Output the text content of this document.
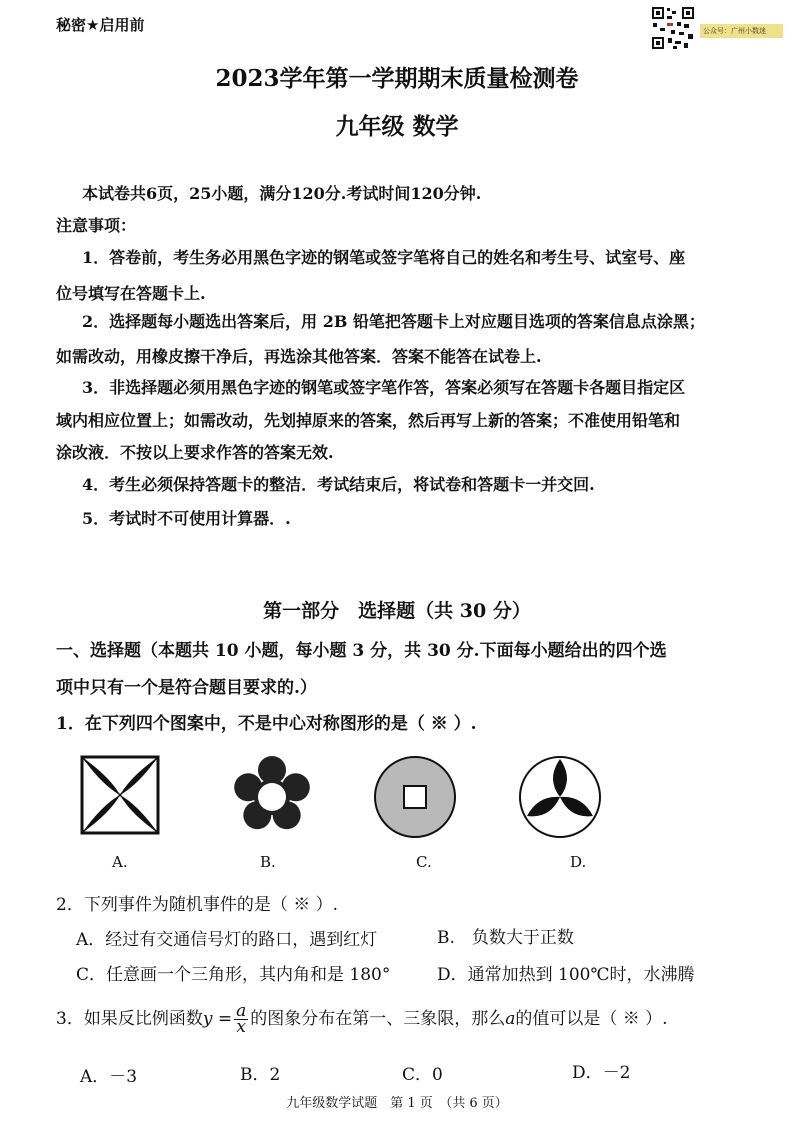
秘密★启用前	公众号：广州小数迷
2023学年第一学期期末质量检测卷
九年级 数学
本试卷共6页，25小题，满分120分.考试时间120分钟.
注意事项：
1．答卷前，考生务必用黑色字迹的钢笔或签字笔将自己的姓名和考生号、试室号、座
位号填写在答题卡上.
2．选择题每小题选出答案后，用 2B 铅笔把答题卡上对应题目选项的答案信息点涂黑；
如需改动，用橡皮擦干净后，再选涂其他答案．答案不能答在试卷上.
3．非选择题必须用黑色字迹的钢笔或签字笔作答，答案必须写在答题卡各题目指定区
域内相应位置上；如需改动，先划掉原来的答案，然后再写上新的答案；不准使用铅笔和
涂改液．不按以上要求作答的答案无效.
4．考生必须保持答题卡的整洁．考试结束后，将试卷和答题卡一并交回.
5．考试时不可使用计算器．.
第一部分　选择题（共 30 分）
一、选择题（本题共 10 小题，每小题 3 分，共 30 分.下面每小题给出的四个选
项中只有一个是符合题目要求的.）
1．在下列四个图案中，不是中心对称图形的是（ ※ ）.
A.	B.	C.	D.
2．下列事件为随机事件的是（ ※ ）.
A．经过有交通信号灯的路口，遇到红灯	B.　负数大于正数
C．任意画一个三角形，其内角和是 180°	D．通常加热到 100℃时，水沸腾
3．如果反比例函数$y = \frac{a}{x}$ 的图象分布在第一、三象限，那么a的值可以是（ ※ ）.
A．－3	B．2	C．0	D．－2
九年级数学试题　第 1 页　（共 6 页）
